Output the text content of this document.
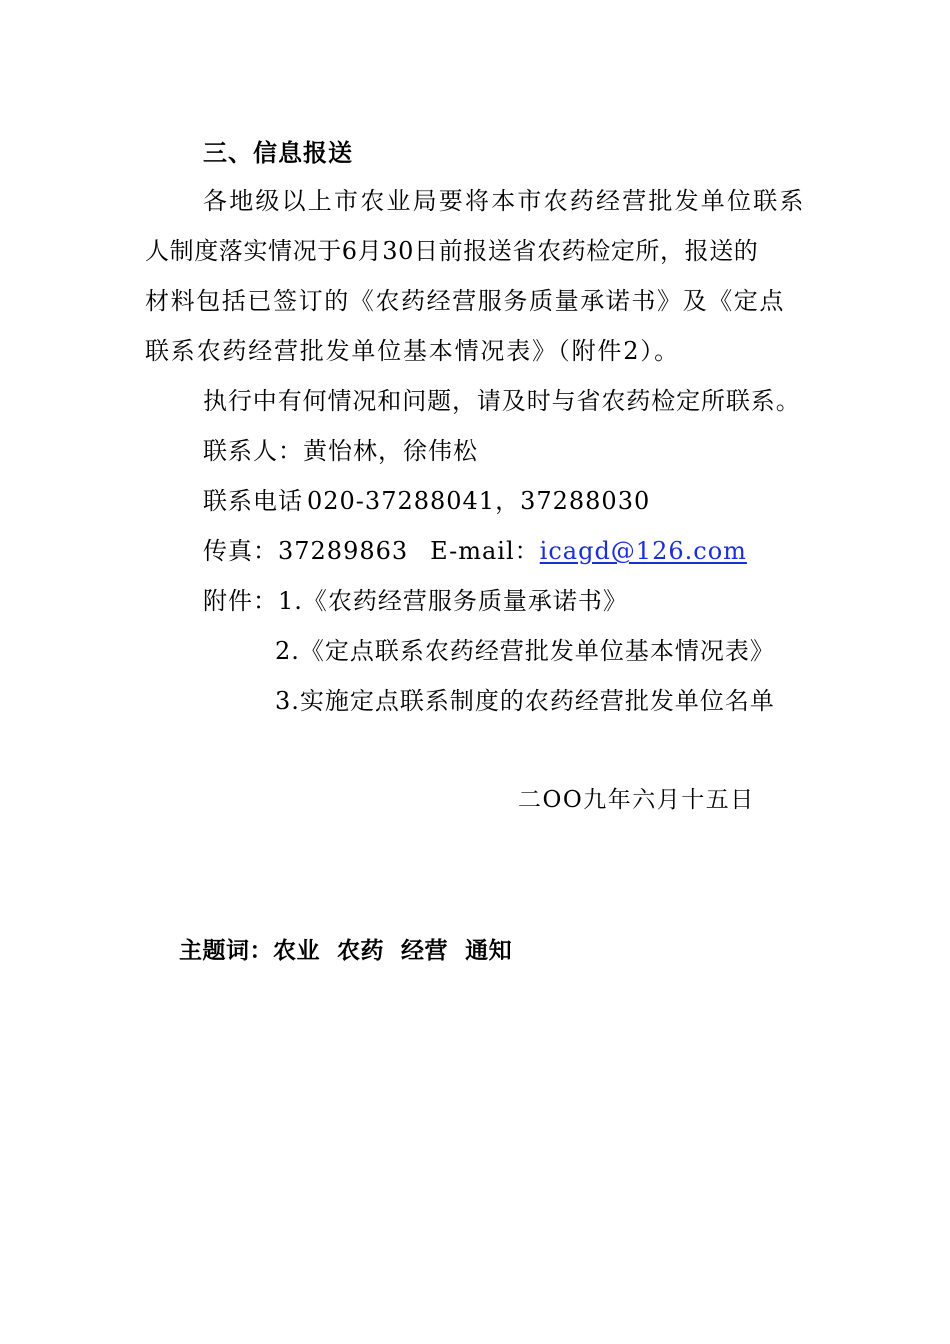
三、信息报送
各地级以上市农业局要将本市农药经营批发单位联系
人制度落实情况于6月30日前报送省农药检定所，报送的
材料包括已签订的《农药经营服务质量承诺书》及《定点
联系农药经营批发单位基本情况表》（附件2）。
执行中有何情况和问题，请及时与省农药检定所联系。
联系人：黄怡林，徐伟松
联系电话 020-37288041，37288030
传真：37289863 E-mail：icagd@126.com
附件：1.《农药经营服务质量承诺书》
2.《定点联系农药经营批发单位基本情况表》
3.实施定点联系制度的农药经营批发单位名单
二OO九年六月十五日

主题词：农业  农药  经营  通知
